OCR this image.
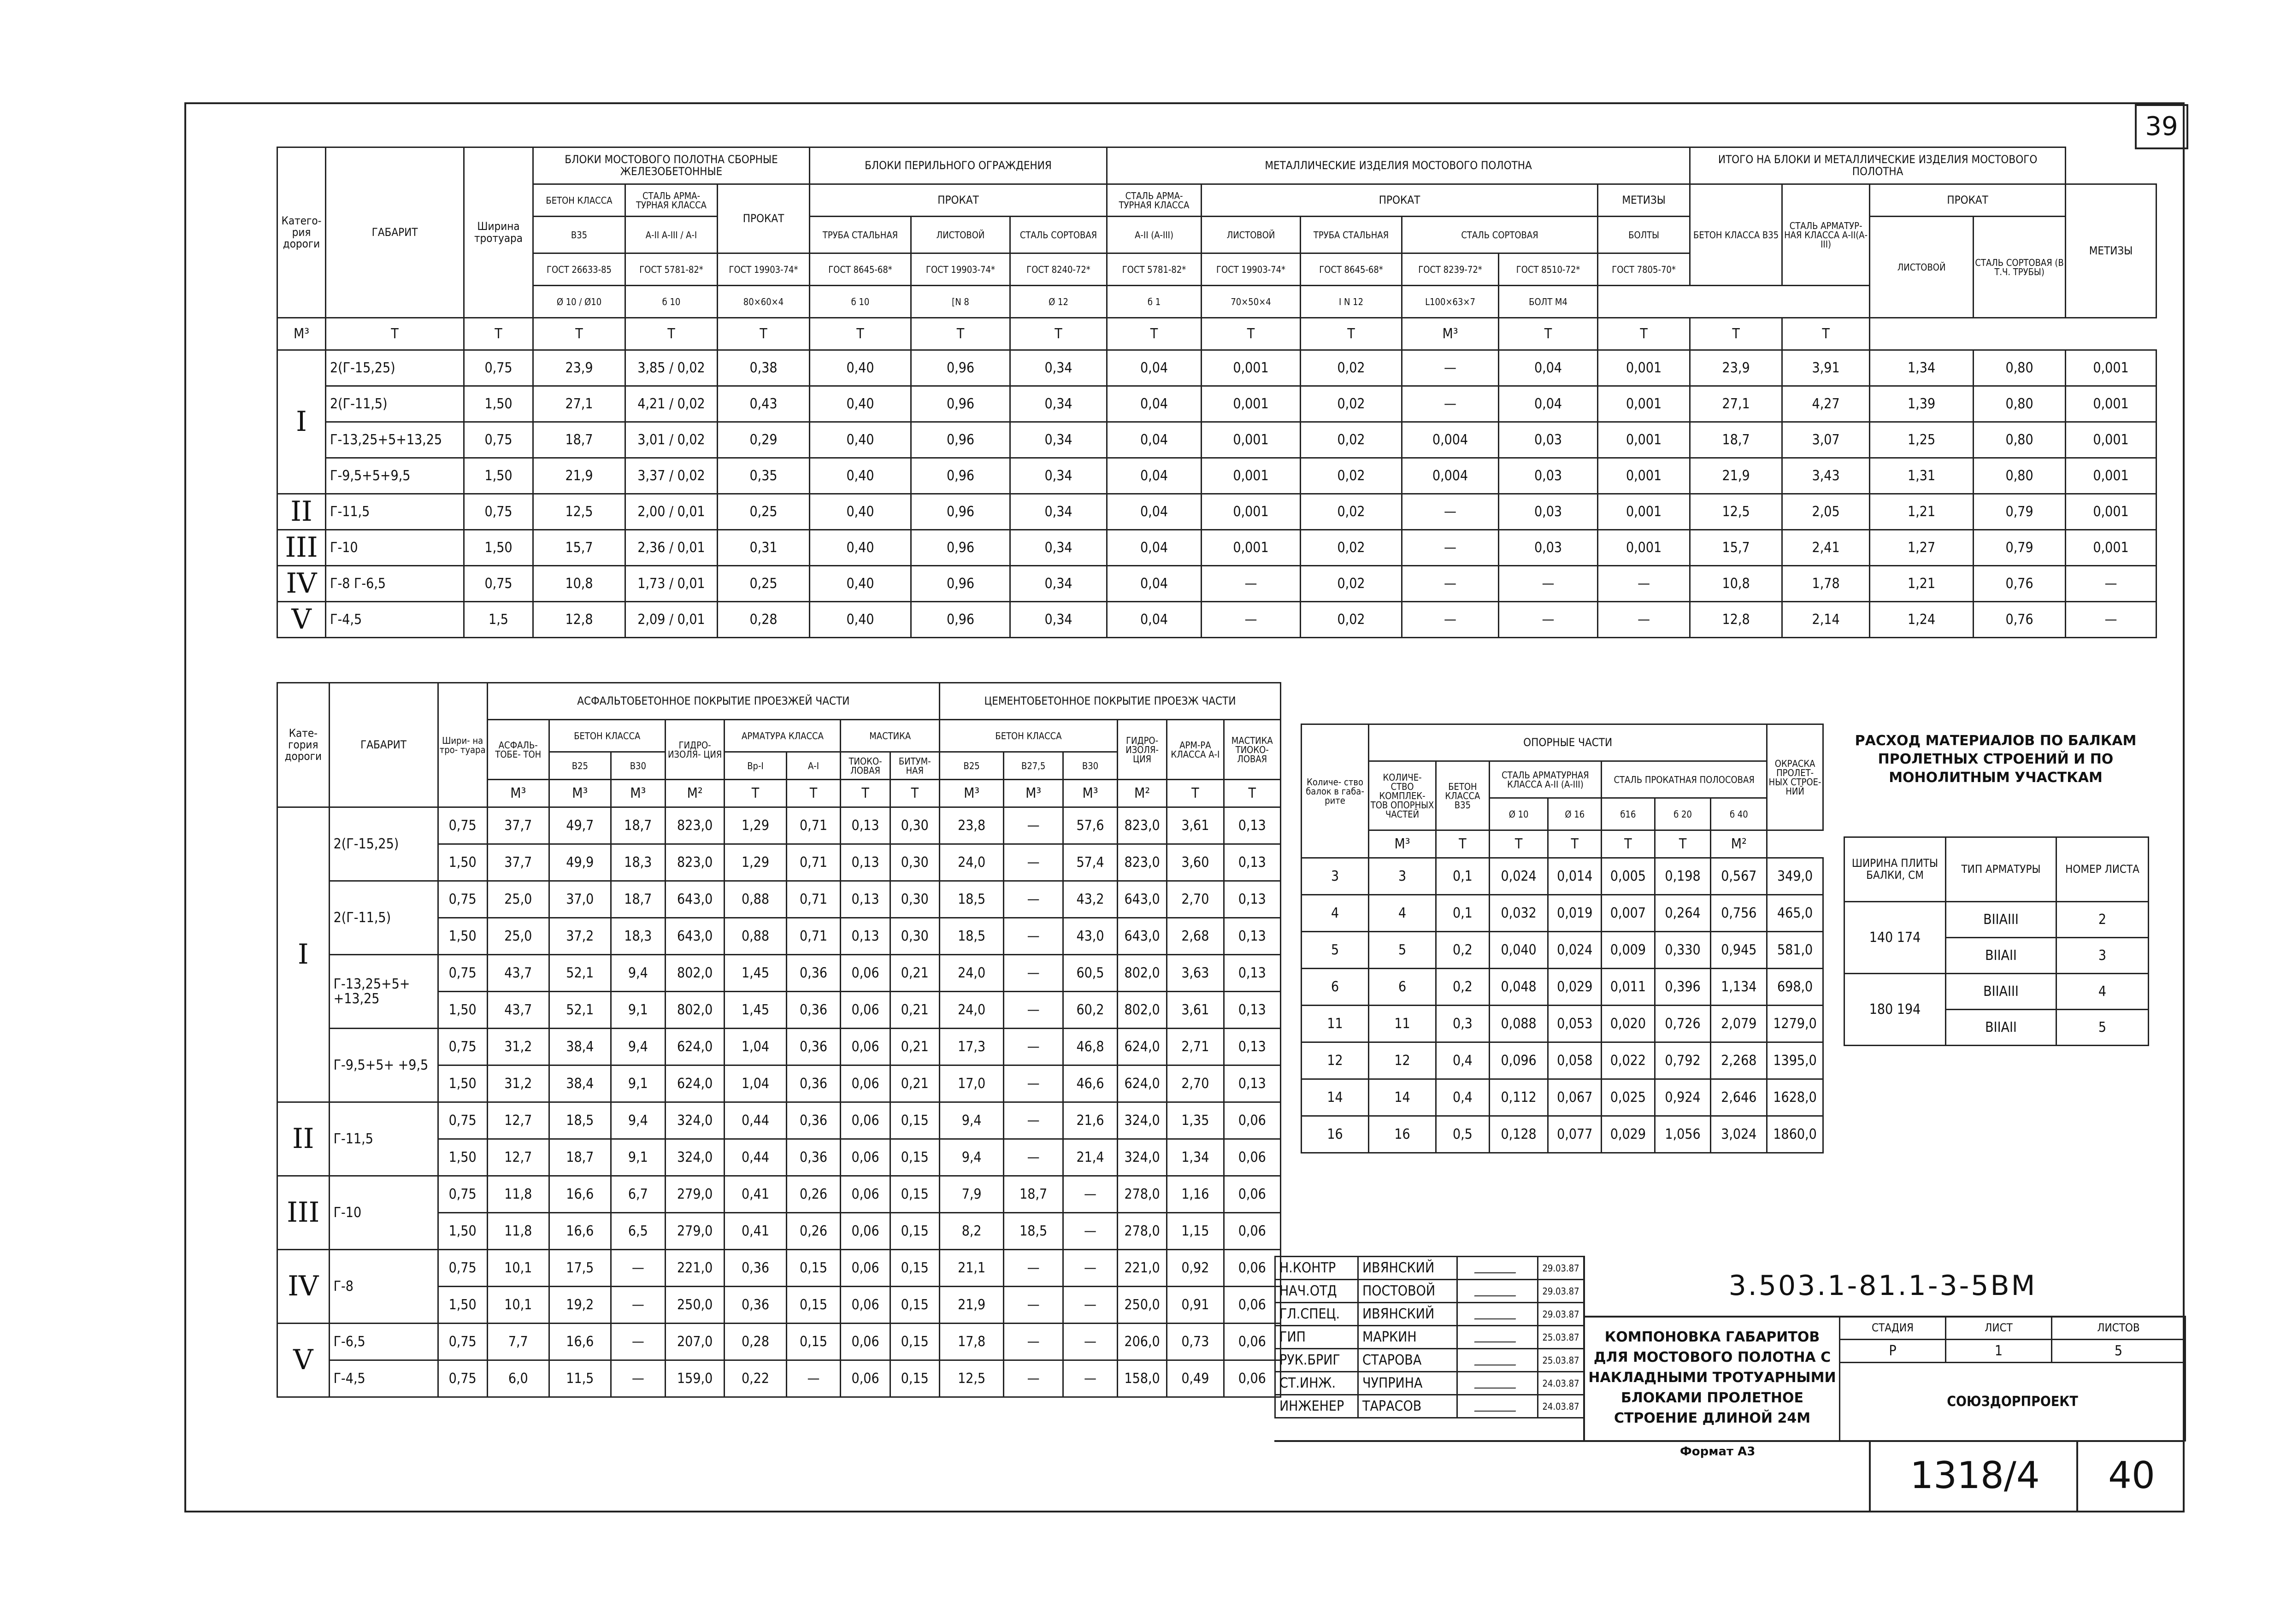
39
Катего- рия дороги	ГАБАРИТ	Ширина тротуара	БЛОКИ МОСТОВОГО ПОЛОТНА СБОРНЫЕ ЖЕЛЕЗОБЕТОННЫЕ			БЛОКИ ПЕРИЛЬНОГО ОГРАЖДЕНИЯ			МЕТАЛЛИЧЕСКИЕ ИЗДЕЛИЯ МОСТОВОГО ПОЛОТНА						ИТОГО НА БЛОКИ И МЕТАЛЛИЧЕСКИЕ ИЗДЕЛИЯ МОСТОВОГО ПОЛОТНА				
			БЕТОН КЛАССА	СТАЛЬ АРМА- ТУРНАЯ КЛАССА	ПРОКАТ	ПРОКАТ			СТАЛЬ АРМА- ТУРНАЯ КЛАССА	ПРОКАТ				МЕТИЗЫ	БЕТОН КЛАССА В35	СТАЛЬ АРМАТУР- НАЯ КЛАССА А-II(А-III)	ПРОКАТ		МЕТИЗЫ
			В35	А-II А-III / А-I		ТРУБА СТАЛЬНАЯ	ЛИСТОВОЙ	СТАЛЬ СОРТОВАЯ	А-II (А-III)	ЛИСТОВОЙ	ТРУБА СТАЛЬНАЯ	СТАЛЬ СОРТОВАЯ		БОЛТЫ			ЛИСТОВОЙ	СТАЛЬ СОРТОВАЯ (В Т.Ч. ТРУБЫ)	
			ГОСТ 26633-85	ГОСТ 5781-82*	ГОСТ 19903-74*	ГОСТ 8645-68*	ГОСТ 19903-74*	ГОСТ 8240-72*	ГОСТ 5781-82*	ГОСТ 19903-74*	ГОСТ 8645-68*	ГОСТ 8239-72*	ГОСТ 8510-72*	ГОСТ 7805-70*					
			Ø 10 / Ø10	б 10	80×60×4	б 10	[N 8	Ø 12	б 1	70×50×4	I N 12	L100×63×7	БОЛТ М4						
М³	Т	Т	Т	Т	Т	Т	Т	Т	Т	Т	Т	М³	Т	Т	Т	Т			
I	2(Г-15,25)	0,75	23,9	3,85 / 0,02	0,38	0,40	0,96	0,34	0,04	0,001	0,02	—	0,04	0,001	23,9	3,91	1,34	0,80	0,001
	2(Г-11,5)	1,50	27,1	4,21 / 0,02	0,43	0,40	0,96	0,34	0,04	0,001	0,02	—	0,04	0,001	27,1	4,27	1,39	0,80	0,001
	Г-13,25+5+13,25	0,75	18,7	3,01 / 0,02	0,29	0,40	0,96	0,34	0,04	0,001	0,02	0,004	0,03	0,001	18,7	3,07	1,25	0,80	0,001
	Г-9,5+5+9,5	1,50	21,9	3,37 / 0,02	0,35	0,40	0,96	0,34	0,04	0,001	0,02	0,004	0,03	0,001	21,9	3,43	1,31	0,80	0,001
II	Г-11,5	0,75	12,5	2,00 / 0,01	0,25	0,40	0,96	0,34	0,04	0,001	0,02	—	0,03	0,001	12,5	2,05	1,21	0,79	0,001
III	Г-10	1,50	15,7	2,36 / 0,01	0,31	0,40	0,96	0,34	0,04	0,001	0,02	—	0,03	0,001	15,7	2,41	1,27	0,79	0,001
IV	Г-8 Г-6,5	0,75	10,8	1,73 / 0,01	0,25	0,40	0,96	0,34	0,04	—	0,02	—	—	—	10,8	1,78	1,21	0,76	—
V	Г-4,5	1,5	12,8	2,09 / 0,01	0,28	0,40	0,96	0,34	0,04	—	0,02	—	—	—	12,8	2,14	1,24	0,76	—
Кате- гория дороги	ГАБАРИТ	Шири- на тро- туара	АСФАЛЬТОБЕТОННОЕ ПОКРЫТИЕ ПРОЕЗЖЕЙ ЧАСТИ								ЦЕМЕНТОБЕТОННОЕ ПОКРЫТИЕ ПРОЕЗЖ ЧАСТИ					
			АСФАЛЬ- ТОБЕ- ТОН	БЕТОН КЛАССА		ГИДРО- ИЗОЛЯ- ЦИЯ	АРМАТУРА КЛАССА		МАСТИКА		БЕТОН КЛАССА			ГИДРО- ИЗОЛЯ- ЦИЯ	АРМ-РА КЛАССА А-I	МАСТИКА ТИОКО- ЛОВАЯ
				В25	В30		Вр-I	А-I	ТИОКО- ЛОВАЯ	БИТУМ- НАЯ	В25	В27,5	В30			
			М³	М³	М³	М²	Т	Т	Т	Т	М³	М³	М³	М²	Т	Т
I	2(Г-15,25)	0,75	37,7	49,7	18,7	823,0	1,29	0,71	0,13	0,30	23,8	—	57,6	823,0	3,61	0,13
		1,50	37,7	49,9	18,3	823,0	1,29	0,71	0,13	0,30	24,0	—	57,4	823,0	3,60	0,13
	2(Г-11,5)	0,75	25,0	37,0	18,7	643,0	0,88	0,71	0,13	0,30	18,5	—	43,2	643,0	2,70	0,13
		1,50	25,0	37,2	18,3	643,0	0,88	0,71	0,13	0,30	18,5	—	43,0	643,0	2,68	0,13
	Г-13,25+5+ +13,25	0,75	43,7	52,1	9,4	802,0	1,45	0,36	0,06	0,21	24,0	—	60,5	802,0	3,63	0,13
		1,50	43,7	52,1	9,1	802,0	1,45	0,36	0,06	0,21	24,0	—	60,2	802,0	3,61	0,13
	Г-9,5+5+ +9,5	0,75	31,2	38,4	9,4	624,0	1,04	0,36	0,06	0,21	17,3	—	46,8	624,0	2,71	0,13
		1,50	31,2	38,4	9,1	624,0	1,04	0,36	0,06	0,21	17,0	—	46,6	624,0	2,70	0,13
II	Г-11,5	0,75	12,7	18,5	9,4	324,0	0,44	0,36	0,06	0,15	9,4	—	21,6	324,0	1,35	0,06
		1,50	12,7	18,7	9,1	324,0	0,44	0,36	0,06	0,15	9,4	—	21,4	324,0	1,34	0,06
III	Г-10	0,75	11,8	16,6	6,7	279,0	0,41	0,26	0,06	0,15	7,9	18,7	—	278,0	1,16	0,06
		1,50	11,8	16,6	6,5	279,0	0,41	0,26	0,06	0,15	8,2	18,5	—	278,0	1,15	0,06
IV	Г-8	0,75	10,1	17,5	—	221,0	0,36	0,15	0,06	0,15	21,1	—	—	221,0	0,92	0,06
		1,50	10,1	19,2	—	250,0	0,36	0,15	0,06	0,15	21,9	—	—	250,0	0,91	0,06
V	Г-6,5	0,75	7,7	16,6	—	207,0	0,28	0,15	0,06	0,15	17,8	—	—	206,0	0,73	0,06
	Г-4,5	0,75	6,0	11,5	—	159,0	0,22	—	0,06	0,15	12,5	—	—	158,0	0,49	0,06
Количе- ство балок в габа- рите	ОПОРНЫЕ ЧАСТИ							ОКРАСКА ПРОЛЕТ- НЫХ СТРОЕ- НИЙ
	КОЛИЧЕ- СТВО КОМПЛЕК- ТОВ ОПОРНЫХ ЧАСТЕЙ	БЕТОН КЛАССА В35	СТАЛЬ АРМАТУРНАЯ КЛАССА А-II (А-III)		СТАЛЬ ПРОКАТНАЯ ПОЛОСОВАЯ			
			Ø 10	Ø 16	б16	б 20	б 40	
	М³	Т	Т	Т	Т	Т	М²	
3	3	0,1	0,024	0,014	0,005	0,198	0,567	349,0
4	4	0,1	0,032	0,019	0,007	0,264	0,756	465,0
5	5	0,2	0,040	0,024	0,009	0,330	0,945	581,0
6	6	0,2	0,048	0,029	0,011	0,396	1,134	698,0
11	11	0,3	0,088	0,053	0,020	0,726	2,079	1279,0
12	12	0,4	0,096	0,058	0,022	0,792	2,268	1395,0
14	14	0,4	0,112	0,067	0,025	0,924	2,646	1628,0
16	16	0,5	0,128	0,077	0,029	1,056	3,024	1860,0
РАСХОД МАТЕРИАЛОВ ПО БАЛКАМ ПРОЛЕТНЫХ СТРОЕНИЙ И ПО МОНОЛИТНЫМ УЧАСТКАМ
ШИРИНА ПЛИТЫ БАЛКИ, СМ	ТИП АРМАТУРЫ	НОМЕР ЛИСТА
140 174	ВIIАIII	2
	ВIIАII	3
180 194	ВIIАIII	4
	ВIIАII	5
Н.КОНТР	ИВЯНСКИЙ		29.03.87
НАЧ.ОТД	ПОСТОВОЙ		29.03.87
ГЛ.СПЕЦ.	ИВЯНСКИЙ		29.03.87
ГИП	МАРКИН		25.03.87
РУК.БРИГ	СТАРОВА		25.03.87
СТ.ИНЖ.	ЧУПРИНА		24.03.87
ИНЖЕНЕР	ТАРАСОВ		24.03.87
3.503.1-81.1-3-5ВМ
КОМПОНОВКА ГАБАРИТОВ ДЛЯ МОСТОВОГО ПОЛОТНА С НАКЛАДНЫМИ ТРОТУАРНЫМИ БЛОКАМИ ПРОЛЕТНОЕ СТРОЕНИЕ ДЛИНОЙ 24М
СТАДИЯ	ЛИСТ	ЛИСТОВ
Р	1	5
СОЮЗДОРПРОЕКТ		
Формат А3
1318/4	40
